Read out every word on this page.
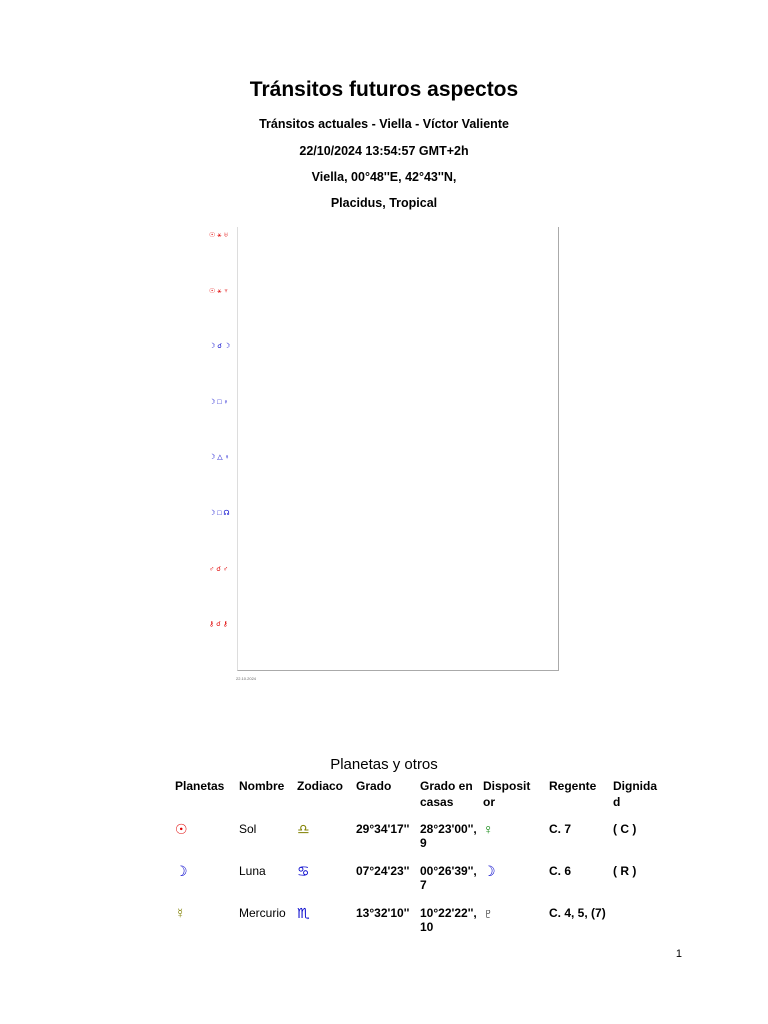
Tránsitos futuros aspectos
Tránsitos actuales - Viella - Víctor Valiente
22/10/2024 13:54:57 GMT+2h
Viella, 00°48''E, 42°43''N,
Placidus, Tropical
☉ ⚹ ♅
☉ ⚹ ♆
☽ ☌ ☽
☽ □ ♀
☽ △ ♀
☽ □ ☊
♂ ☌ ♂
⚷ ☌ ⚷
22.10.2024
Planetas y otros
Planetas	Nombre	Zodiaco	Grado	Grado en casas	Disposit or	Regente	Dignida d
☉	Sol	♎	29°34'17''	28°23'00'', 9	♀	C. 7	( C )
☽	Luna	♋	07°24'23''	00°26'39'', 7	☽	C. 6	( R )
☿	Mercurio	♏	13°32'10''	10°22'22'', 10	♇	C. 4, 5, (7)	
1
